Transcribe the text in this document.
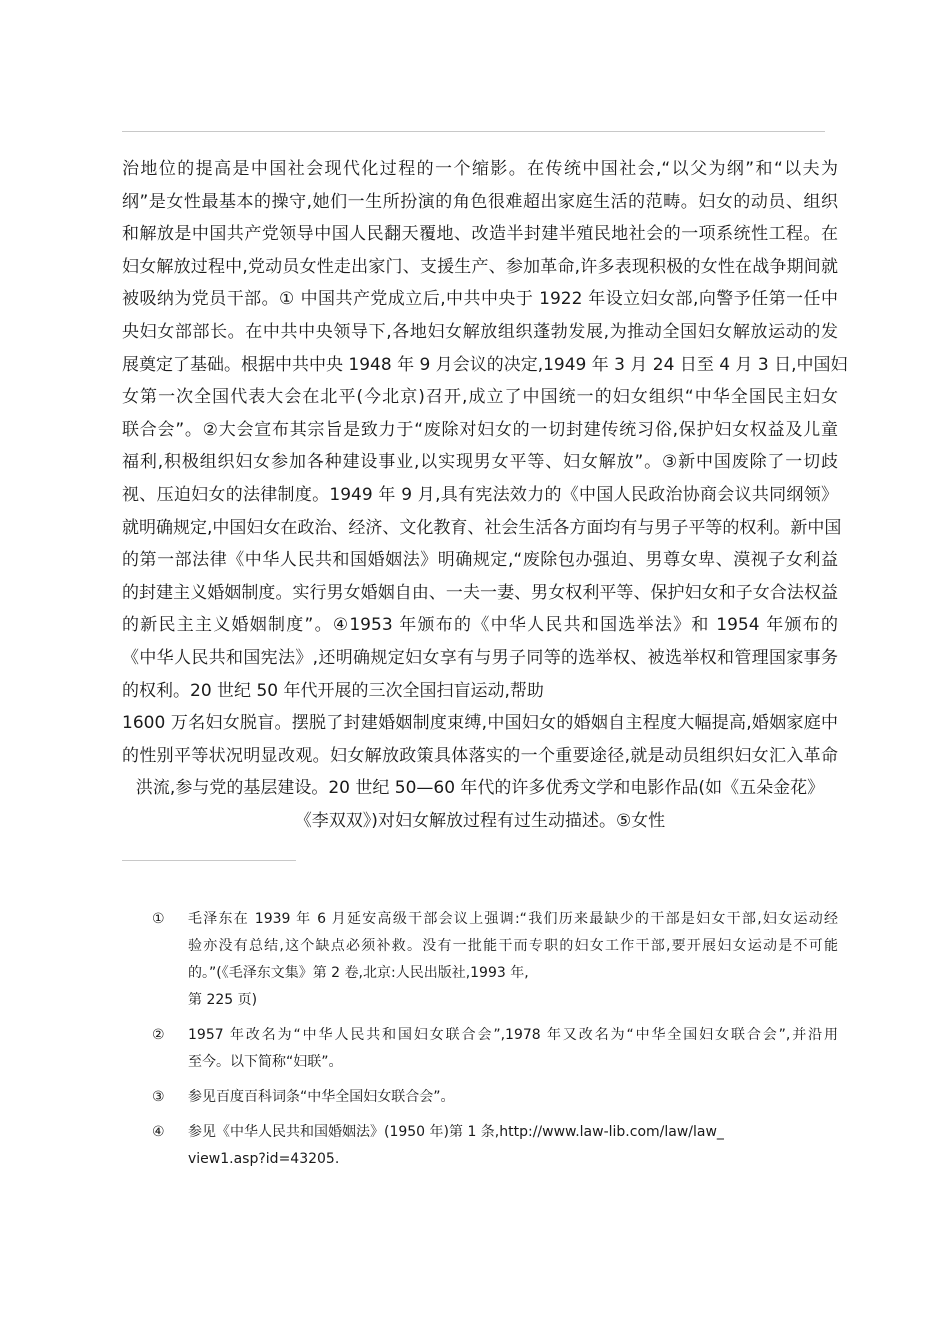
治地位的提高是中国社会现代化过程的一个缩影。在传统中国社会,“以父为纲”和“以夫为
纲”是女性最基本的操守,她们一生所扮演的角色很难超出家庭生活的范畴。妇女的动员、组织
和解放是中国共产党领导中国人民翻天覆地、改造半封建半殖民地社会的一项系统性工程。在
妇女解放过程中,党动员女性走出家门、支援生产、参加革命,许多表现积极的女性在战争期间就
被吸纳为党员干部。① 中国共产党成立后,中共中央于 1922 年设立妇女部,向警予任第一任中
央妇女部部长。在中共中央领导下,各地妇女解放组织蓬勃发展,为推动全国妇女解放运动的发
展奠定了基础。根据中共中央 1948 年 9 月会议的决定,1949 年 3 月 24 日至 4 月 3 日,中国妇
女第一次全国代表大会在北平(今北京)召开,成立了中国统一的妇女组织“中华全国民主妇女
联合会”。②大会宣布其宗旨是致力于“废除对妇女的一切封建传统习俗,保护妇女权益及儿童
福利,积极组织妇女参加各种建设事业,以实现男女平等、妇女解放”。③新中国废除了一切歧
视、压迫妇女的法律制度。1949 年 9 月,具有宪法效力的《中国人民政治协商会议共同纲领》
就明确规定,中国妇女在政治、经济、文化教育、社会生活各方面均有与男子平等的权利。新中国
的第一部法律《中华人民共和国婚姻法》明确规定,“废除包办强迫、男尊女卑、漠视子女利益
的封建主义婚姻制度。实行男女婚姻自由、一夫一妻、男女权利平等、保护妇女和子女合法权益
的新民主主义婚姻制度”。④1953 年颁布的《中华人民共和国选举法》和 1954 年颁布的
《中华人民共和国宪法》,还明确规定妇女享有与男子同等的选举权、被选举权和管理国家事务
的权利。20 世纪 50 年代开展的三次全国扫盲运动,帮助
1600 万名妇女脱盲。摆脱了封建婚姻制度束缚,中国妇女的婚姻自主程度大幅提高,婚姻家庭中
的性别平等状况明显改观。妇女解放政策具体落实的一个重要途径,就是动员组织妇女汇入革命
洪流,参与党的基层建设。20 世纪 50—60 年代的许多优秀文学和电影作品(如《五朵金花》
《李双双》)对妇女解放过程有过生动描述。⑤女性
① 毛泽东在 1939 年 6 月延安高级干部会议上强调:“我们历来最缺少的干部是妇女干部,妇女运动经
验亦没有总结,这个缺点必须补救。没有一批能干而专职的妇女工作干部,要开展妇女运动是不可能
的。”(《毛泽东文集》第 2 卷,北京:人民出版社,1993 年,
第 225 页)
② 1957 年改名为“中华人民共和国妇女联合会”,1978 年又改名为“中华全国妇女联合会”,并沿用
至今。以下简称“妇联”。
③ 参见百度百科词条“中华全国妇女联合会”。
④ 参见《中华人民共和国婚姻法》(1950 年)第 1 条,http://www.law-lib.com/law/law_
view1.asp?id=43205.
